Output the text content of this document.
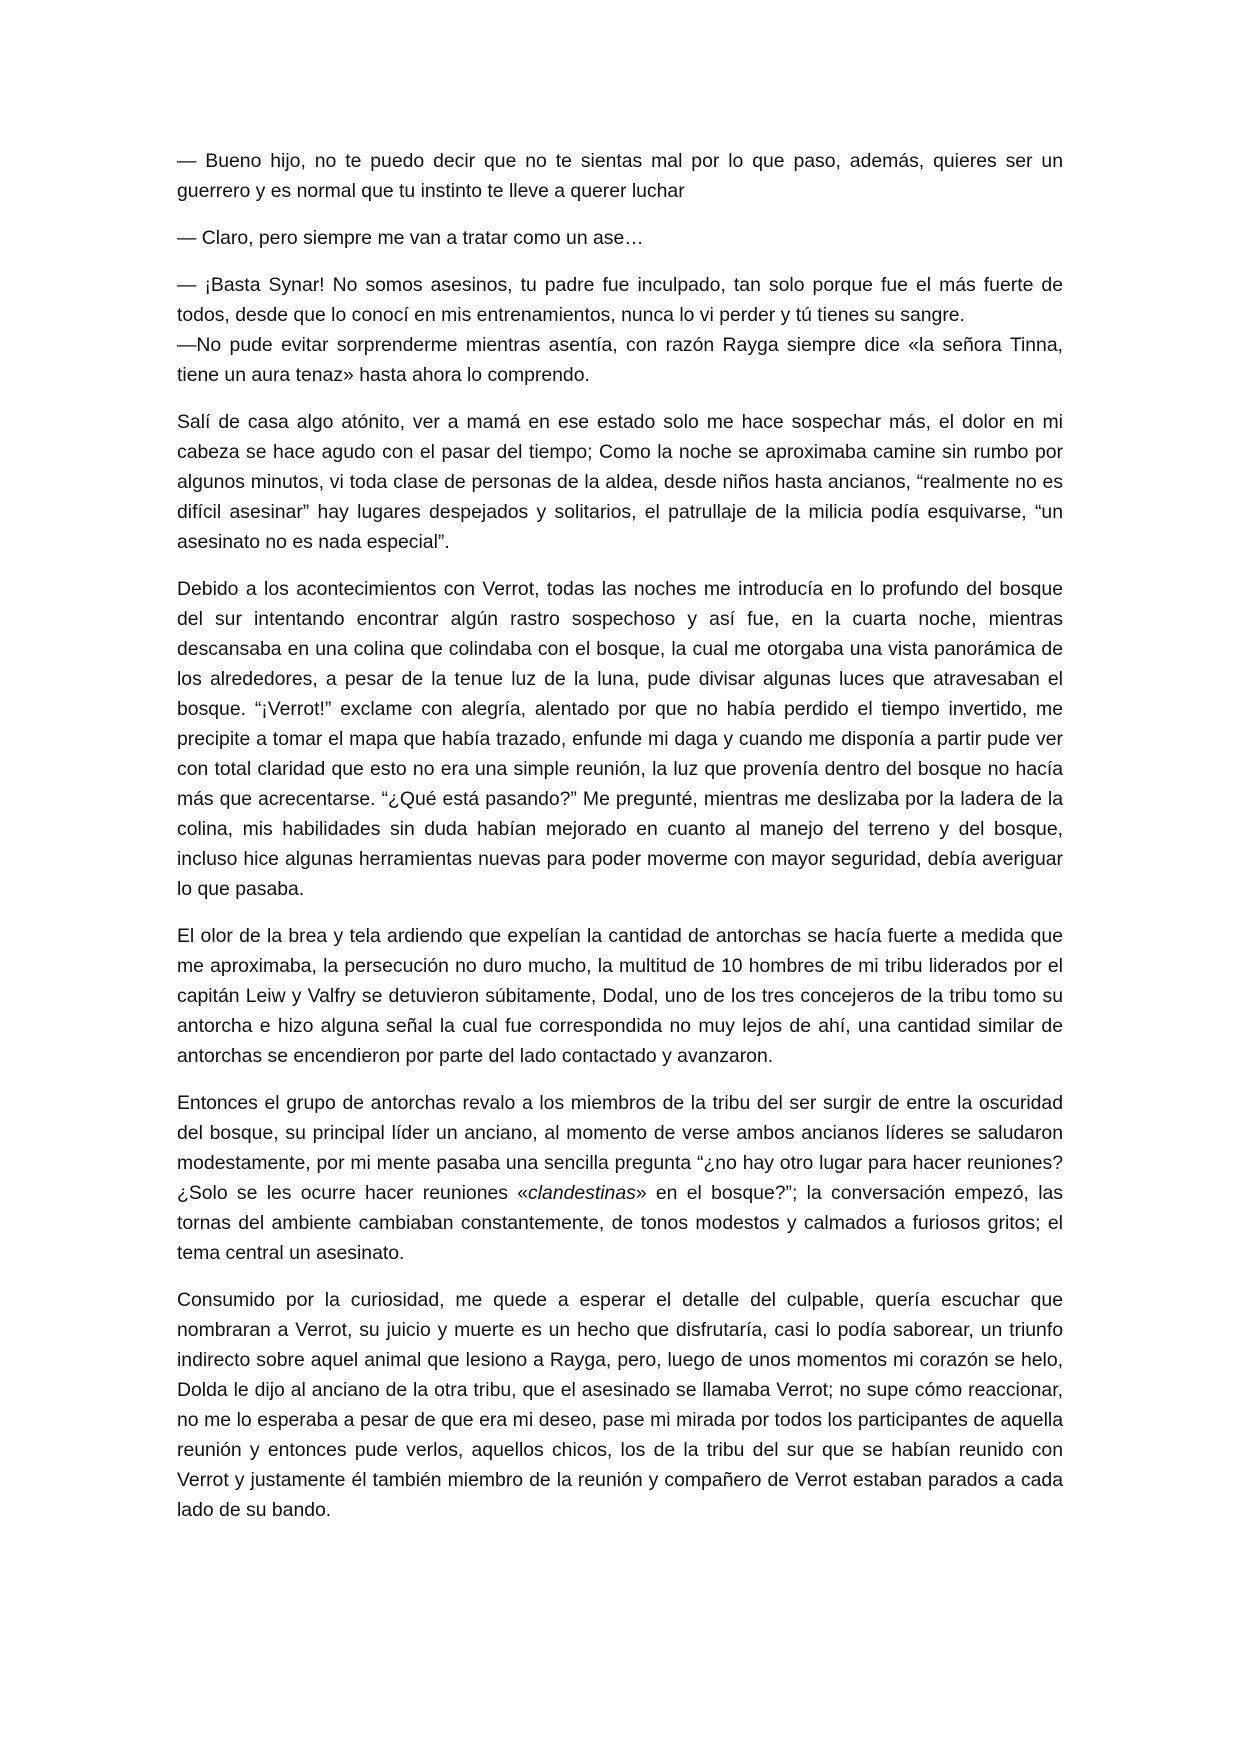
— Bueno hijo, no te puedo decir que no te sientas mal por lo que paso, además, quieres ser un guerrero y es normal que tu instinto te lleve a querer luchar

— Claro, pero siempre me van a tratar como un ase…

— ¡Basta Synar! No somos asesinos, tu padre fue inculpado, tan solo porque fue el más fuerte de todos, desde que lo conocí en mis entrenamientos, nunca lo vi perder y tú tienes su sangre.

—No pude evitar sorprenderme mientras asentía, con razón Rayga siempre dice «la señora Tinna, tiene un aura tenaz» hasta ahora lo comprendo.

Salí de casa algo atónito, ver a mamá en ese estado solo me hace sospechar más, el dolor en mi cabeza se hace agudo con el pasar del tiempo; Como la noche se aproximaba camine sin rumbo por algunos minutos, vi toda clase de personas de la aldea, desde niños hasta ancianos, “realmente no es difícil asesinar” hay lugares despejados y solitarios, el patrullaje de la milicia podía esquivarse, “un asesinato no es nada especial”.

Debido a los acontecimientos con Verrot, todas las noches me introducía en lo profundo del bosque del sur intentando encontrar algún rastro sospechoso y así fue, en la cuarta noche, mientras descansaba en una colina que colindaba con el bosque, la cual me otorgaba una vista panorámica de los alrededores, a pesar de la tenue luz de la luna, pude divisar algunas luces que atravesaban el bosque. “¡Verrot!” exclame con alegría, alentado por que no había perdido el tiempo invertido, me precipite a tomar el mapa que había trazado, enfunde mi daga y cuando me disponía a partir pude ver con total claridad que esto no era una simple reunión, la luz que provenía dentro del bosque no hacía más que acrecentarse. “¿Qué está pasando?” Me pregunté, mientras me deslizaba por la ladera de la colina, mis habilidades sin duda habían mejorado en cuanto al manejo del terreno y del bosque, incluso hice algunas herramientas nuevas para poder moverme con mayor seguridad, debía averiguar lo que pasaba.

El olor de la brea y tela ardiendo que expelían la cantidad de antorchas se hacía fuerte a medida que me aproximaba, la persecución no duro mucho, la multitud de 10 hombres de mi tribu liderados por el capitán Leiw y Valfry se detuvieron súbitamente, Dodal, uno de los tres concejeros de la tribu tomo su antorcha e hizo alguna señal la cual fue correspondida no muy lejos de ahí, una cantidad similar de antorchas se encendieron por parte del lado contactado y avanzaron.

Entonces el grupo de antorchas revalo a los miembros de la tribu del ser surgir de entre la oscuridad del bosque, su principal líder un anciano, al momento de verse ambos ancianos líderes se saludaron modestamente, por mi mente pasaba una sencilla pregunta “¿no hay otro lugar para hacer reuniones? ¿Solo se les ocurre hacer reuniones «clandestinas» en el bosque?”; la conversación empezó, las tornas del ambiente cambiaban constantemente, de tonos modestos y calmados a furiosos gritos; el tema central un asesinato.

Consumido por la curiosidad, me quede a esperar el detalle del culpable, quería escuchar que nombraran a Verrot, su juicio y muerte es un hecho que disfrutaría, casi lo podía saborear, un triunfo indirecto sobre aquel animal que lesiono a Rayga, pero, luego de unos momentos mi corazón se helo, Dolda le dijo al anciano de la otra tribu, que el asesinado se llamaba Verrot; no supe cómo reaccionar, no me lo esperaba a pesar de que era mi deseo, pase mi mirada por todos los participantes de aquella reunión y entonces pude verlos, aquellos chicos, los de la tribu del sur que se habían reunido con Verrot y justamente él también miembro de la reunión y compañero de Verrot estaban parados a cada lado de su bando.
